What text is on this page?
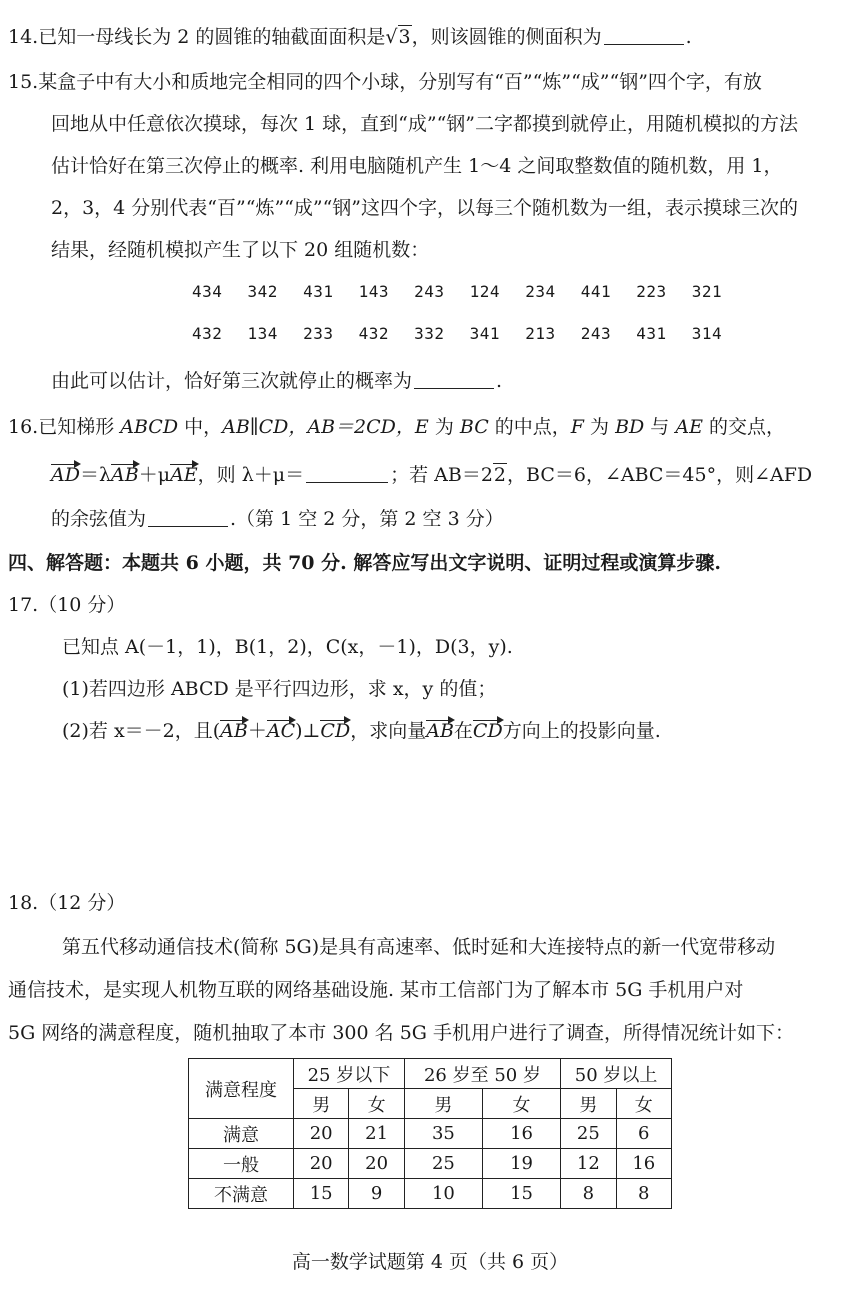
14.已知一母线长为 2 的圆锥的轴截面面积是√3，则该圆锥的侧面积为	.
15.某盒子中有大小和质地完全相同的四个小球，分别写有“百”“炼”“成”“钢”四个字，有放
回地从中任意依次摸球，每次 1 球，直到“成”“钢”二字都摸到就停止，用随机模拟的方法
估计恰好在第三次停止的概率. 利用电脑随机产生 1～4 之间取整数值的随机数，用 1，
2，3，4 分别代表“百”“炼”“成”“钢”这四个字，以每三个随机数为一组，表示摸球三次的
结果，经随机模拟产生了以下 20 组随机数：
434 342 431 143 243 124 234 441 223 321
432 134 233 432 332 341 213 243 431 314
由此可以估计，恰好第三次就停止的概率为	.
16.已知梯形 ABCD 中，AB∥CD，AB＝2CD，E 为 BC 的中点，F 为 BD 与 AE 的交点，
AD＝λAB＋μAE，则 λ＋μ＝	；若 AB＝22，BC＝6，∠ABC＝45°，则∠AFD
的余弦值为	.（第 1 空 2 分，第 2 空 3 分）
四、解答题：本题共 6 小题，共 70 分. 解答应写出文字说明、证明过程或演算步骤.
17.（10 分）
已知点 A(－1，1)，B(1，2)，C(x，－1)，D(3，y).
(1)若四边形 ABCD 是平行四边形，求 x，y 的值；
(2)若 x＝－2，且(AB＋AC)⊥CD，求向量AB在CD方向上的投影向量.
18.（12 分）
第五代移动通信技术(简称 5G)是具有高速率、低时延和大连接特点的新一代宽带移动
通信技术，是实现人机物互联的网络基础设施. 某市工信部门为了解本市 5G 手机用户对
5G 网络的满意程度，随机抽取了本市 300 名 5G 手机用户进行了调查，所得情况统计如下：
满意程度	25 岁以下		26 岁至 50 岁		50 岁以上	
	男	女	男	女	男	女
满意	20	21	35	16	25	6
一般	20	20	25	19	12	16
不满意	15	9	10	15	8	8
高一数学试题第 4 页（共 6 页）
